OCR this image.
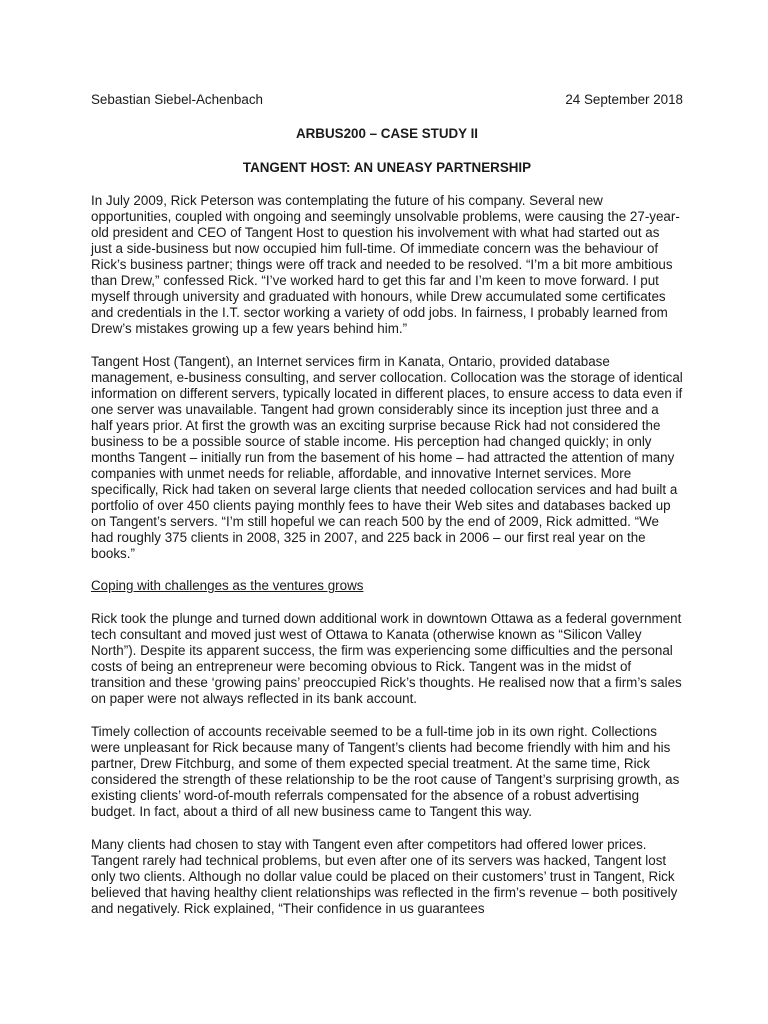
Sebastian Siebel-Achenbach	24 September 2018
ARBUS200 – CASE STUDY II
TANGENT HOST: AN UNEASY PARTNERSHIP

In July 2009, Rick Peterson was contemplating the future of his company. Several new opportunities, coupled with ongoing and seemingly unsolvable problems, were causing the 27-year-old president and CEO of Tangent Host to question his involvement with what had started out as just a side-business but now occupied him full-time. Of immediate concern was the behaviour of Rick’s business partner; things were off track and needed to be resolved. “I’m a bit more ambitious than Drew,” confessed Rick. “I’ve worked hard to get this far and I’m keen to move forward. I put myself through university and graduated with honours, while Drew accumulated some certificates and credentials in the I.T. sector working a variety of odd jobs. In fairness, I probably learned from Drew’s mistakes growing up a few years behind him.”

Tangent Host (Tangent), an Internet services firm in Kanata, Ontario, provided database management, e-business consulting, and server collocation. Collocation was the storage of identical information on different servers, typically located in different places, to ensure access to data even if one server was unavailable. Tangent had grown considerably since its inception just three and a half years prior. At first the growth was an exciting surprise because Rick had not considered the business to be a possible source of stable income. His perception had changed quickly; in only months Tangent – initially run from the basement of his home – had attracted the attention of many companies with unmet needs for reliable, affordable, and innovative Internet services. More specifically, Rick had taken on several large clients that needed collocation services and had built a portfolio of over 450 clients paying monthly fees to have their Web sites and databases backed up on Tangent’s servers. “I’m still hopeful we can reach 500 by the end of 2009, Rick admitted. “We had roughly 375 clients in 2008, 325 in 2007, and 225 back in 2006 – our first real year on the books.”

Coping with challenges as the ventures grows

Rick took the plunge and turned down additional work in downtown Ottawa as a federal government tech consultant and moved just west of Ottawa to Kanata (otherwise known as “Silicon Valley North”). Despite its apparent success, the firm was experiencing some difficulties and the personal costs of being an entrepreneur were becoming obvious to Rick. Tangent was in the midst of transition and these ‘growing pains’ preoccupied Rick’s thoughts. He realised now that a firm’s sales on paper were not always reflected in its bank account.

Timely collection of accounts receivable seemed to be a full-time job in its own right. Collections were unpleasant for Rick because many of Tangent’s clients had become friendly with him and his partner, Drew Fitchburg, and some of them expected special treatment. At the same time, Rick considered the strength of these relationship to be the root cause of Tangent’s surprising growth, as existing clients’ word-of-mouth referrals compensated for the absence of a robust advertising budget. In fact, about a third of all new business came to Tangent this way.

Many clients had chosen to stay with Tangent even after competitors had offered lower prices. Tangent rarely had technical problems, but even after one of its servers was hacked, Tangent lost only two clients. Although no dollar value could be placed on their customers’ trust in Tangent, Rick believed that having healthy client relationships was reflected in the firm’s revenue – both positively and negatively. Rick explained, “Their confidence in us guarantees
